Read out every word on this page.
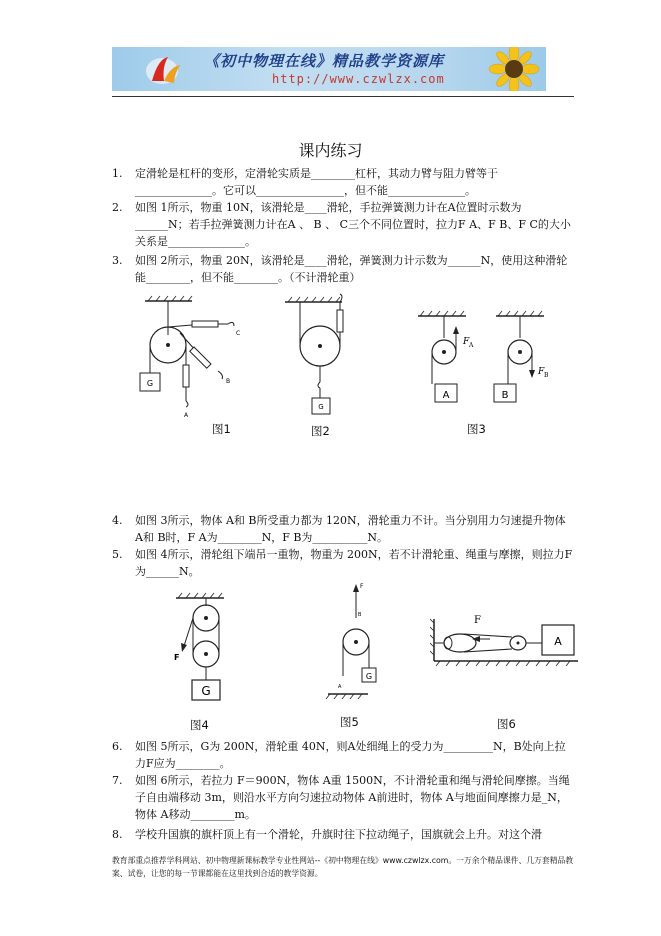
《初中物理在线》精品教学资源库
http://www.czwlzx.com
课内练习
1. 定滑轮是杠杆的变形，定滑轮实质是________杠杆，其动力臂与阻力臂等于______________。它可以________________，但不能______________。
2. 如图 1所示，物重 10N，该滑轮是____滑轮，手拉弹簧测力计在A位置时示数为______N；若手拉弹簧测力计在A 、 B 、 C三个不同位置时，拉力F A、F B、F C的大小关系是______________。
3. 如图 2所示，物重 20N，该滑轮是____滑轮，弹簧测力计示数为______N，使用这种滑轮能________，但不能________。（不计滑轮重）
G
C
B
A
图1
G
图2
F A
A
F B
B
图3
4. 如图 3所示，物体 A和 B所受重力都为 120N，滑轮重力不计。当分别用力匀速提升物体 A和 B时，F A为________N，F B为__________N。
5. 如图 4所示，滑轮组下端吊一重物，物重为 200N，若不计滑轮重、绳重与摩擦，则拉力F为______N。
F
G
图4
F
B
G
A
图5
F
A
图6
6. 如图 5所示，G为 200N，滑轮重 40N，则A处细绳上的受力为_________N，B处向上拉力F应为________。
7. 如图 6所示，若拉力 F＝900N，物体 A重 1500N，不计滑轮重和绳与滑轮间摩擦。当绳子自由端移动 3m，则沿水平方向匀速拉动物体 A前进时，物体 A与地面间摩擦力是_N，物体 A移动________m。
8. 学校升国旗的旗杆顶上有一个滑轮，升旗时往下拉动绳子，国旗就会上升。对这个滑
教育部重点推荐学科网站、初中物理新课标教学专业性网站--《初中物理在线》www.czwlzx.com。一万余个精品课件、几万套精品教案、试卷，让您的每一节课都能在这里找到合适的教学资源。
